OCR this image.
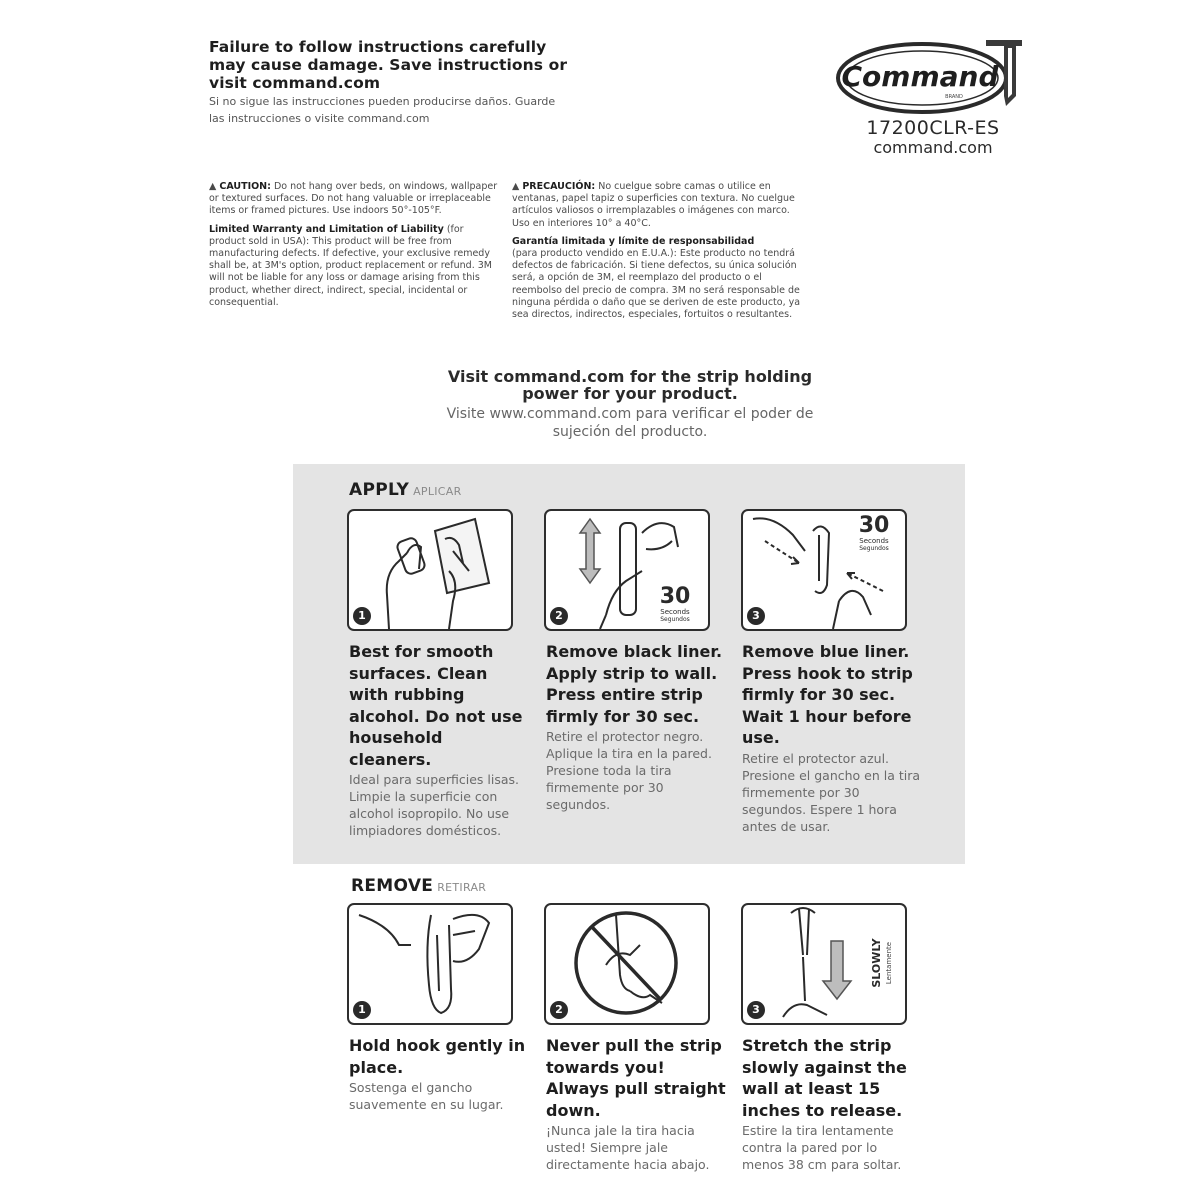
Failure to follow instructions carefully may cause damage. Save instructions or visit command.com

Si no sigue las instrucciones pueden producirse daños. Guarde las instrucciones o visite command.com

Command
BRAND
17200CLR-ES
command.com

▲ CAUTION: Do not hang over beds, on windows, wallpaper or textured surfaces. Do not hang valuable or irreplaceable items or framed pictures. Use indoors 50°-105°F.

Limited Warranty and Limitation of Liability (for product sold in USA): This product will be free from manufacturing defects. If defective, your exclusive remedy shall be, at 3M's option, product replacement or refund. 3M will not be liable for any loss or damage arising from this product, whether direct, indirect, special, incidental or consequential.

▲ PRECAUCIÓN: No cuelgue sobre camas o utilice en ventanas, papel tapiz o superficies con textura. No cuelgue artículos valiosos o irremplazables o imágenes con marco. Uso en interiores 10° a 40°C.

Garantía limitada y límite de responsabilidad
(para producto vendido en E.U.A.): Este producto no tendrá defectos de fabricación. Si tiene defectos, su única solución será, a opción de 3M, el reemplazo del producto o el reembolso del precio de compra. 3M no será responsable de ninguna pérdida o daño que se deriven de este producto, ya sea directos, indirectos, especiales, fortuitos o resultantes.

Visit command.com for the strip holding power for your product.

Visite www.command.com para verificar el poder de sujeción del producto.

APPLY APLICAR
1

Best for smooth surfaces. Clean with rubbing alcohol. Do not use household cleaners.

Ideal para superficies lisas. Limpie la superficie con alcohol isopropilo. No use limpiadores domésticos.

30
Seconds
Segundos
2

Remove black liner. Apply strip to wall. Press entire strip firmly for 30 sec.

Retire el protector negro. Aplique la tira en la pared. Presione toda la tira firmemente por 30 segundos.

30
Seconds
Segundos
3

Remove blue liner. Press hook to strip firmly for 30 sec. Wait 1 hour before use.

Retire el protector azul. Presione el gancho en la tira firmemente por 30 segundos. Espere 1 hora antes de usar.

REMOVE RETIRAR
1

Hold hook gently in place.

Sostenga el gancho suavemente en su lugar.

2

Never pull the strip towards you! Always pull straight down.

¡Nunca jale la tira hacia usted! Siempre jale directamente hacia abajo.

SLOWLY Lentamente
3

Stretch the strip slowly against the wall at least 15 inches to release.

Estire la tira lentamente contra la pared por lo menos 38 cm para soltar.
